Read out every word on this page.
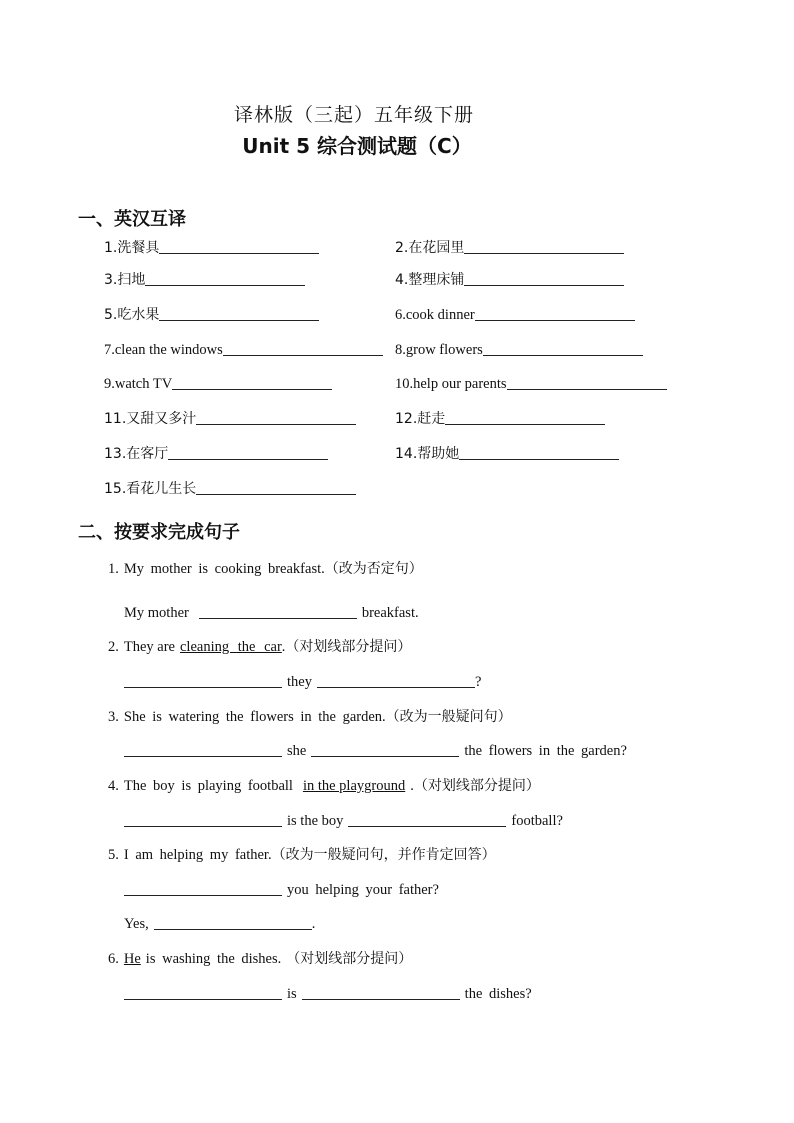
译林版（三起）五年级下册
Unit 5 综合测试题（C）
一、英汉互译
1.洗餐具	2.在花园里
3.扫地	4.整理床铺
5.吃水果	6.cook dinner
7.clean the windows	8.grow flowers
9.watch TV	10.help our parents
11.又甜又多汁	12.赶走
13.在客厅	14.帮助她
15.看花儿生长
二、按要求完成句子
1. My mother is cooking breakfast. （改为否定句）
My mother	breakfast.
2. They are cleaning the car . （对划线部分提问）
they	?
3. She is watering the flowers in the garden. （改为一般疑问句）
she	the flowers in the garden?
4. The boy is playing football in the playground . （对划线部分提问）
is the boy	football?
5. I am helping my father. （改为一般疑问句，并作肯定回答）
you helping your father?
Yes,	.
6. He is washing the dishes. （对划线部分提问）
is	the dishes?
